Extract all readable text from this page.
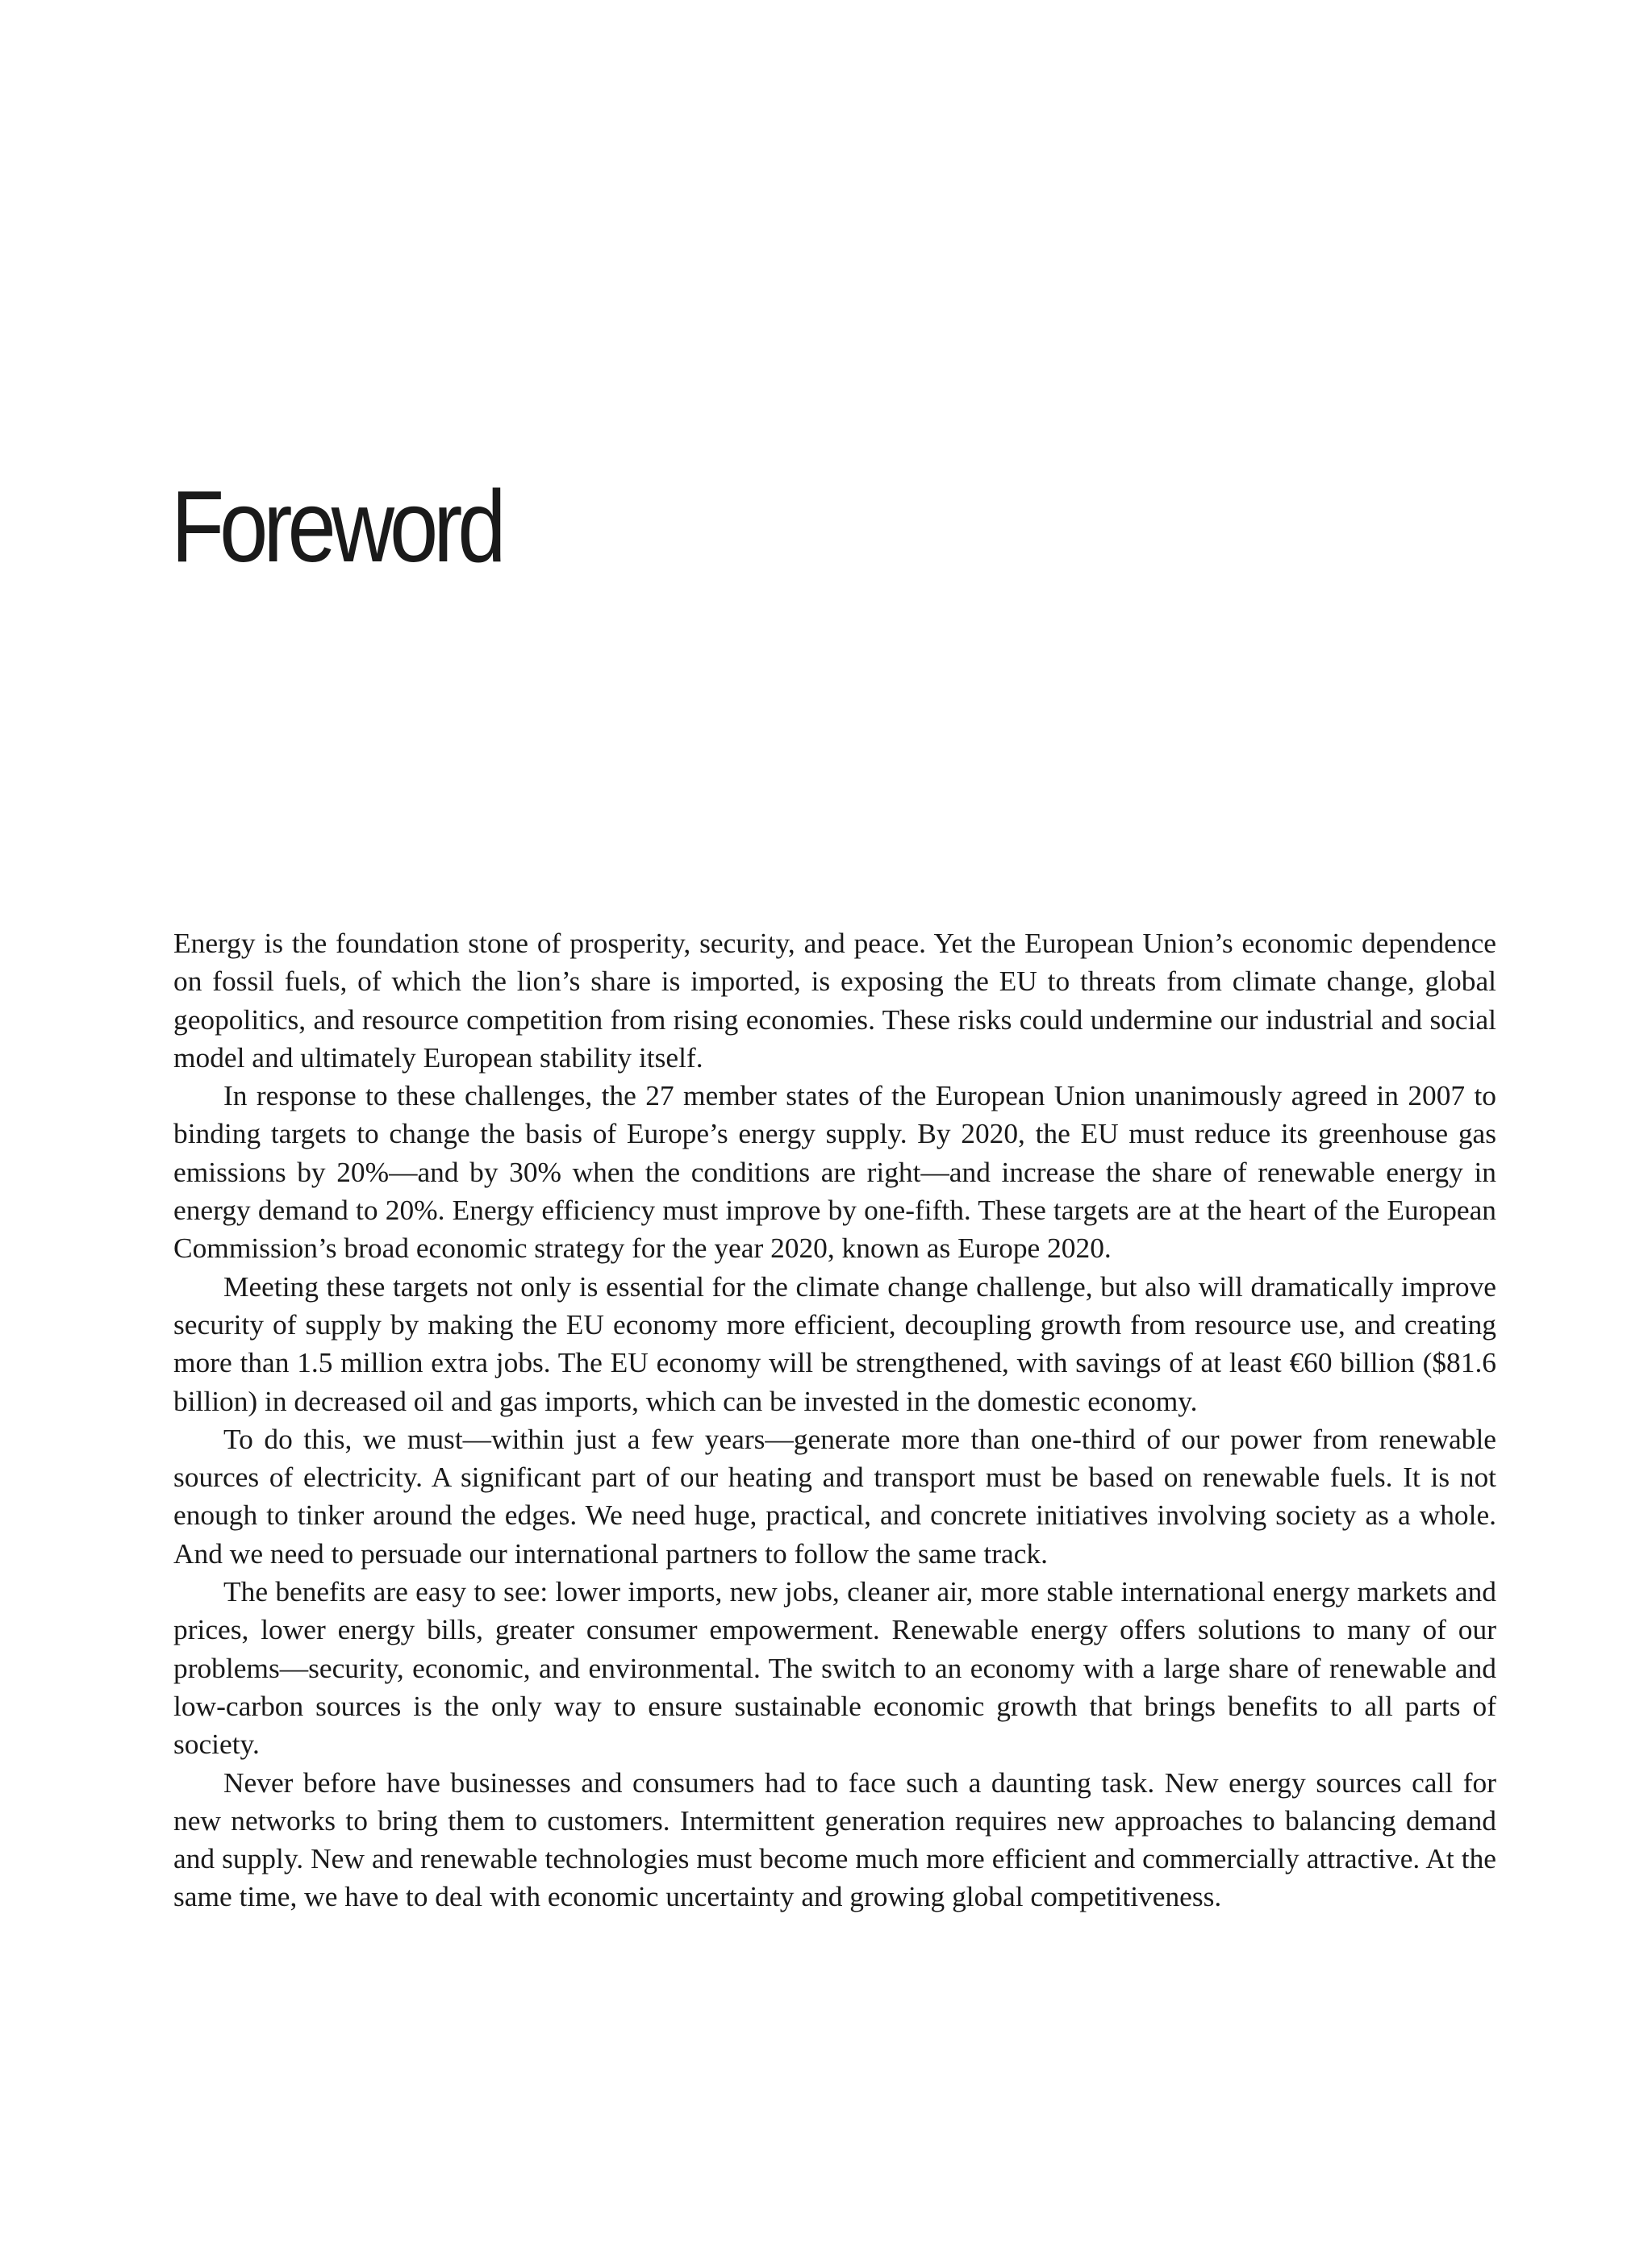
Foreword

Energy is the foundation stone of prosperity, security, and peace. Yet the European Union’s economic dependence on fossil fuels, of which the lion’s share is imported, is exposing the EU to threats from climate change, global geopolitics, and resource competition from rising economies. These risks could undermine our industrial and social model and ultimately European stability itself.

In response to these challenges, the 27 member states of the European Union unanimously agreed in 2007 to binding targets to change the basis of Europe’s energy supply. By 2020, the EU must reduce its greenhouse gas emissions by 20%—and by 30% when the conditions are right—and increase the share of renewable energy in energy demand to 20%. Energy efficiency must improve by one-fifth. These targets are at the heart of the European Commission’s broad economic strategy for the year 2020, known as Europe 2020.

Meeting these targets not only is essential for the climate change challenge, but also will dramatically improve security of supply by making the EU economy more efficient, decoupling growth from resource use, and creating more than 1.5 million extra jobs. The EU economy will be strengthened, with savings of at least €60 billion ($81.6 billion) in decreased oil and gas imports, which can be invested in the domestic economy.

To do this, we must—within just a few years—generate more than one-third of our power from renewable sources of electricity. A significant part of our heating and transport must be based on renewable fuels. It is not enough to tinker around the edges. We need huge, practical, and concrete initiatives involving society as a whole. And we need to persuade our international partners to follow the same track.

The benefits are easy to see: lower imports, new jobs, cleaner air, more stable international energy markets and prices, lower energy bills, greater consumer empowerment. Renewable energy offers solutions to many of our problems—security, economic, and environmental. The switch to an economy with a large share of renewable and low-carbon sources is the only way to ensure sustainable economic growth that brings benefits to all parts of society.

Never before have businesses and consumers had to face such a daunting task. New energy sources call for new networks to bring them to customers. Intermittent generation requires new approaches to balancing demand and supply. New and renewable technologies must become much more efficient and commercially attractive. At the same time, we have to deal with economic uncertainty and growing global competitiveness.
